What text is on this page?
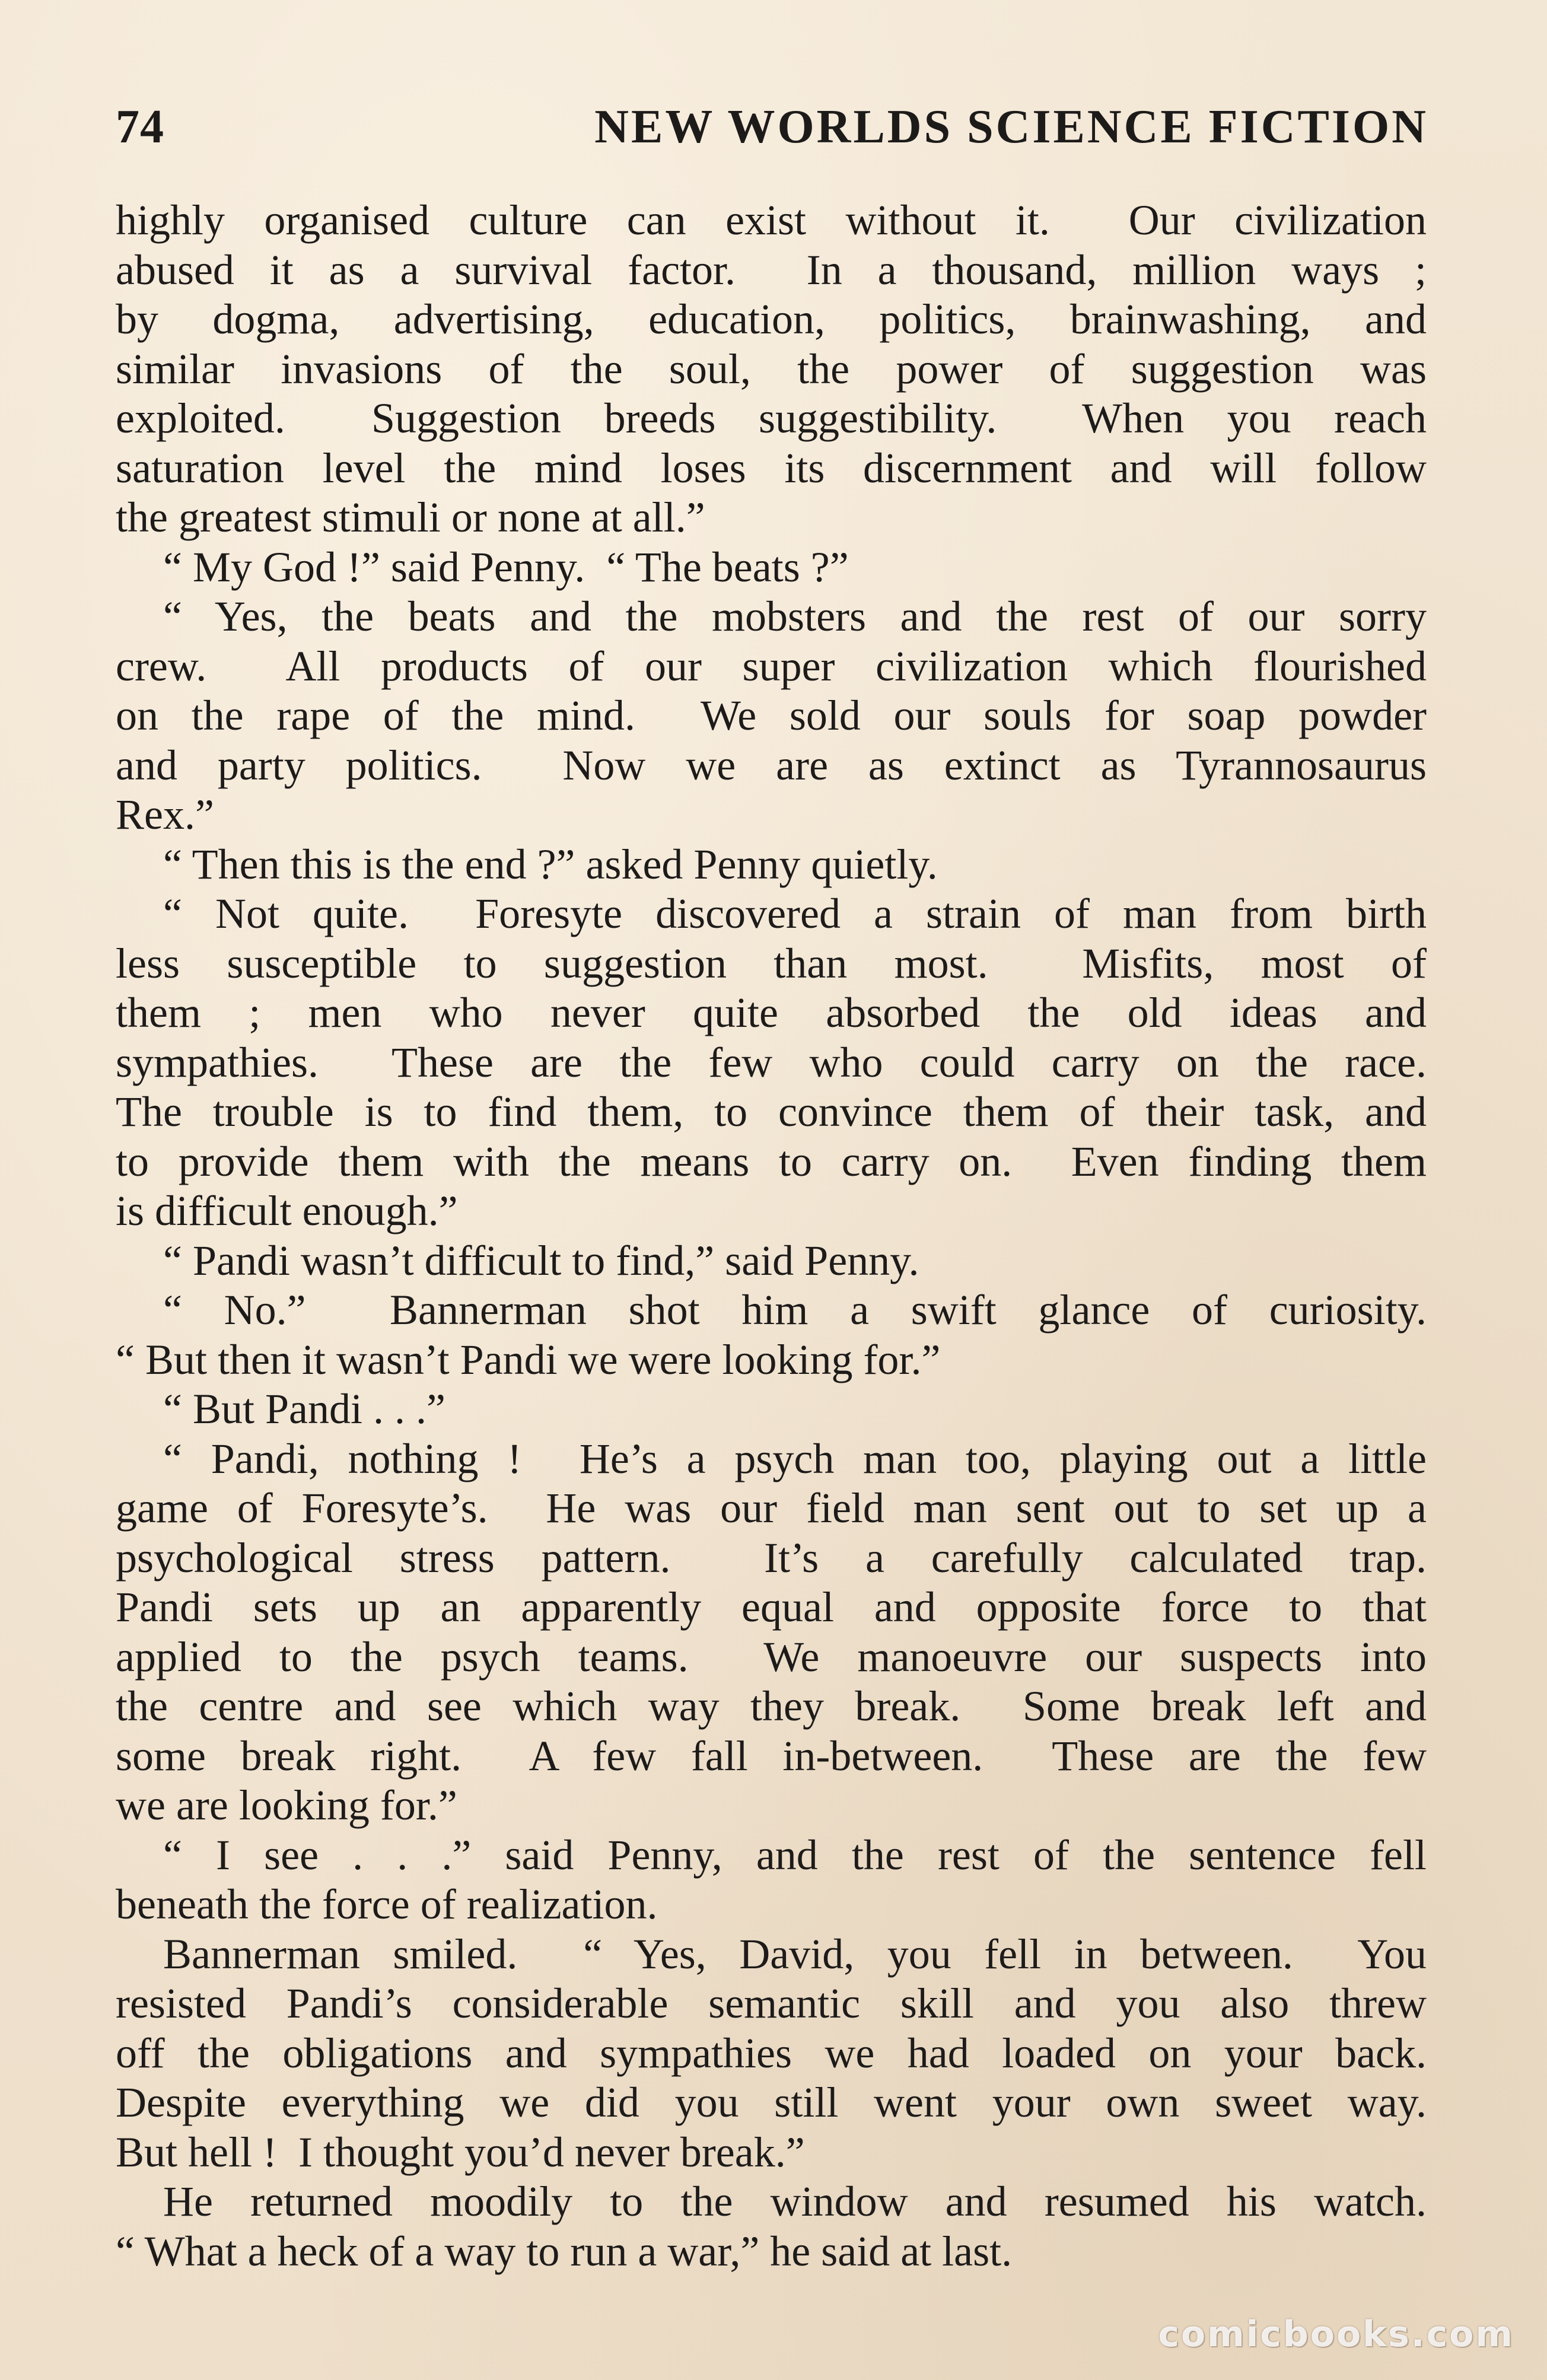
74	NEW WORLDS SCIENCE FICTION
highly organised culture can exist without it.  Our civilization
abused it as a survival factor.  In a thousand, million ways ;
by dogma, advertising, education, politics, brainwashing, and
similar invasions of the soul, the power of suggestion was
exploited.  Suggestion breeds suggestibility.  When you reach
saturation level the mind loses its discernment and will follow
the greatest stimuli or none at all.”
“ My God !” said Penny.  “ The beats ?”
“ Yes, the beats and the mobsters and the rest of our sorry
crew.  All products of our super civilization which flourished
on the rape of the mind.  We sold our souls for soap powder
and party politics.  Now we are as extinct as Tyrannosaurus
Rex.”
“ Then this is the end ?” asked Penny quietly.
“ Not quite.  Foresyte discovered a strain of man from birth
less susceptible to suggestion than most.  Misfits, most of
them ; men who never quite absorbed the old ideas and
sympathies.  These are the few who could carry on the race.
The trouble is to find them, to convince them of their task, and
to provide them with the means to carry on.  Even finding them
is difficult enough.”
“ Pandi wasn’t difficult to find,” said Penny.
“ No.”  Bannerman shot him a swift glance of curiosity.
“ But then it wasn’t Pandi we were looking for.”
“ But Pandi . . .”
“ Pandi, nothing !  He’s a psych man too, playing out a little
game of Foresyte’s.  He was our field man sent out to set up a
psychological stress pattern.  It’s a carefully calculated trap.
Pandi sets up an apparently equal and opposite force to that
applied to the psych teams.  We manoeuvre our suspects into
the centre and see which way they break.  Some break left and
some break right.  A few fall in-between.  These are the few
we are looking for.”
“ I see . . .” said Penny, and the rest of the sentence fell
beneath the force of realization.
Bannerman smiled.  “ Yes, David, you fell in between.  You
resisted Pandi’s considerable semantic skill and you also threw
off the obligations and sympathies we had loaded on your back.
Despite everything we did you still went your own sweet way.
But hell !  I thought you’d never break.”
He returned moodily to the window and resumed his watch.
“ What a heck of a way to run a war,” he said at last.
comicbooks.com
